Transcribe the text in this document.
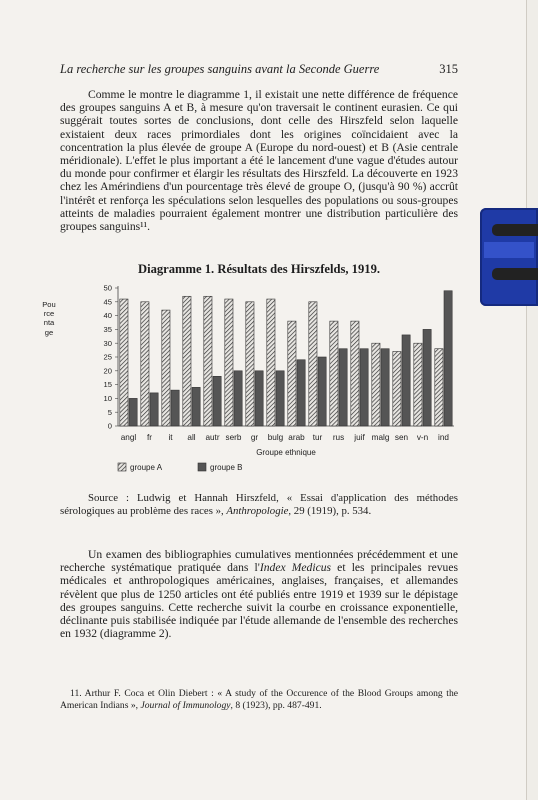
La recherche sur les groupes sanguins avant la Seconde Guerre	315

Comme le montre le diagramme 1, il existait une nette différence de fréquence des groupes sanguins A et B, à mesure qu'on traversait le continent eurasien. Ce qui suggérait toutes sortes de conclusions, dont celle des Hirszfeld selon laquelle existaient deux races primordiales dont les origines coïncidaient avec la concentration la plus élevée de groupe A (Europe du nord-ouest) et B (Asie centrale méridionale). L'effet le plus important a été le lancement d'une vague d'études autour du monde pour confirmer et élargir les résultats des Hirszfeld. La découverte en 1923 chez les Amérindiens d'un pourcentage très élevé de groupe O, (jusqu'à 90 %) accrût l'intérêt et renforça les spéculations selon lesquelles des populations ou sous-groupes atteints de maladies pourraient également montrer une distribution particulière des groupes sanguins¹¹.

Diagramme 1. Résultats des Hirszfelds, 1919.
Pourcentage
0
5
10
15
20
25
30
35
40
45
50
angl fr it all autr serb gr bulg arab tur rus juif malg sen v-n ind
Groupe ethnique
groupe A	groupe B
Source : Ludwig et Hannah Hirszfeld, « Essai d'application des méthodes sérologiques au problème des races », Anthropologie, 29 (1919), p. 534.

Un examen des bibliographies cumulatives mentionnées précédemment et une recherche systématique pratiquée dans l'Index Medicus et les principales revues médicales et anthropologiques américaines, anglaises, françaises, et allemandes révèlent que plus de 1250 articles ont été publiés entre 1919 et 1939 sur le dépistage des groupes sanguins. Cette recherche suivit la courbe en croissance exponentielle, déclinante puis stabilisée indiquée par l'étude allemande de l'ensemble des recherches en 1932 (diagramme 2).

11. Arthur F. Coca et Olin Diebert : « A study of the Occurence of the Blood Groups among the American Indians », Journal of Immunology, 8 (1923), pp. 487-491.
